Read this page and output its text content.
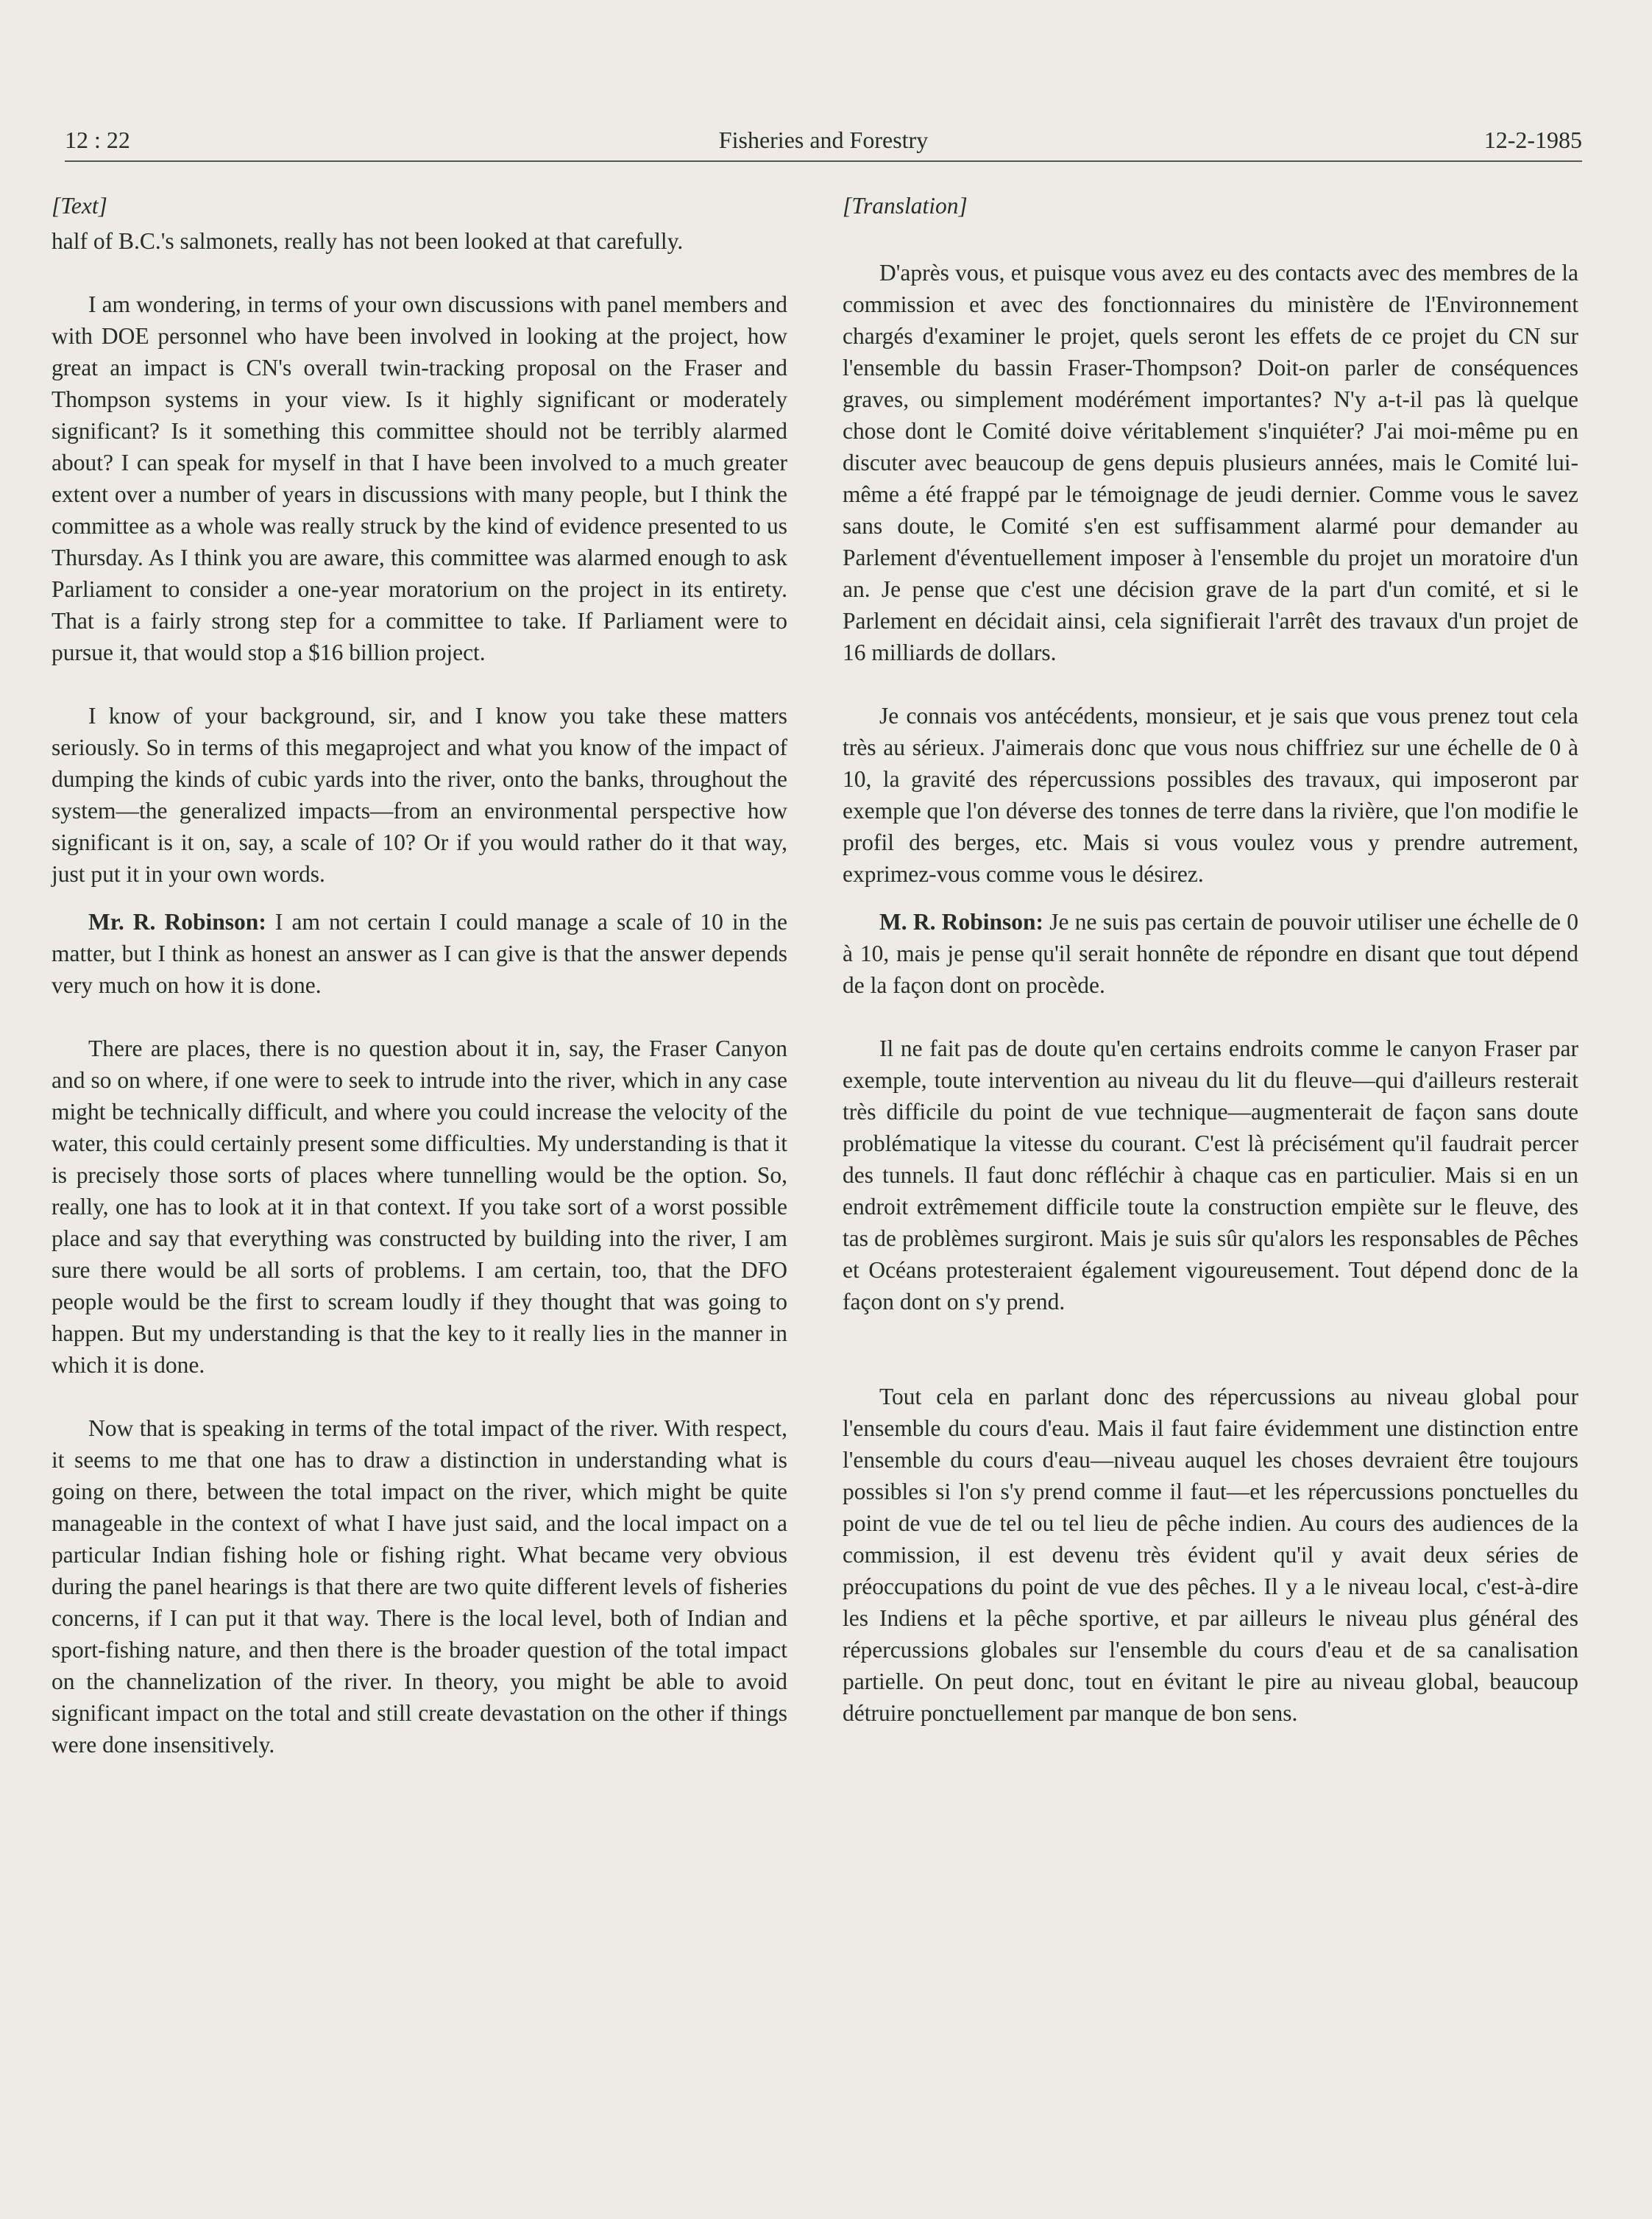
12 : 22	Fisheries and Forestry	12-2-1985
[Text]

half of B.C.'s salmonets, really has not been looked at that carefully.

I am wondering, in terms of your own discussions with panel members and with DOE personnel who have been involved in looking at the project, how great an impact is CN's overall twin-tracking proposal on the Fraser and Thompson systems in your view. Is it highly significant or moderately significant? Is it something this committee should not be terribly alarmed about? I can speak for myself in that I have been involved to a much greater extent over a number of years in discussions with many people, but I think the committee as a whole was really struck by the kind of evidence presented to us Thursday. As I think you are aware, this committee was alarmed enough to ask Parliament to consider a one-year moratorium on the project in its entirety. That is a fairly strong step for a committee to take. If Parliament were to pursue it, that would stop a $16 billion project.

I know of your background, sir, and I know you take these matters seriously. So in terms of this megaproject and what you know of the impact of dumping the kinds of cubic yards into the river, onto the banks, throughout the system—the generalized impacts—from an environmental perspective how significant is it on, say, a scale of 10? Or if you would rather do it that way, just put it in your own words.

Mr. R. Robinson: I am not certain I could manage a scale of 10 in the matter, but I think as honest an answer as I can give is that the answer depends very much on how it is done.

There are places, there is no question about it in, say, the Fraser Canyon and so on where, if one were to seek to intrude into the river, which in any case might be technically difficult, and where you could increase the velocity of the water, this could certainly present some difficulties. My understanding is that it is precisely those sorts of places where tunnelling would be the option. So, really, one has to look at it in that context. If you take sort of a worst possible place and say that everything was constructed by building into the river, I am sure there would be all sorts of problems. I am certain, too, that the DFO people would be the first to scream loudly if they thought that was going to happen. But my understanding is that the key to it really lies in the manner in which it is done.

Now that is speaking in terms of the total impact of the river. With respect, it seems to me that one has to draw a distinction in understanding what is going on there, between the total impact on the river, which might be quite manageable in the context of what I have just said, and the local impact on a particular Indian fishing hole or fishing right. What became very obvious during the panel hearings is that there are two quite different levels of fisheries concerns, if I can put it that way. There is the local level, both of Indian and sport-fishing nature, and then there is the broader question of the total impact on the channelization of the river. In theory, you might be able to avoid significant impact on the total and still create devastation on the other if things were done insensitively.

[Translation]

D'après vous, et puisque vous avez eu des contacts avec des membres de la commission et avec des fonctionnaires du ministère de l'Environnement chargés d'examiner le projet, quels seront les effets de ce projet du CN sur l'ensemble du bassin Fraser-Thompson? Doit-on parler de conséquences graves, ou simplement modérément importantes? N'y a-t-il pas là quelque chose dont le Comité doive véritablement s'inquiéter? J'ai moi-même pu en discuter avec beaucoup de gens depuis plusieurs années, mais le Comité lui-même a été frappé par le témoignage de jeudi dernier. Comme vous le savez sans doute, le Comité s'en est suffisamment alarmé pour demander au Parlement d'éventuellement imposer à l'ensemble du projet un moratoire d'un an. Je pense que c'est une décision grave de la part d'un comité, et si le Parlement en décidait ainsi, cela signifierait l'arrêt des travaux d'un projet de 16 milliards de dollars.

Je connais vos antécédents, monsieur, et je sais que vous prenez tout cela très au sérieux. J'aimerais donc que vous nous chiffriez sur une échelle de 0 à 10, la gravité des répercussions possibles des travaux, qui imposeront par exemple que l'on déverse des tonnes de terre dans la rivière, que l'on modifie le profil des berges, etc. Mais si vous voulez vous y prendre autrement, exprimez-vous comme vous le désirez.

M. R. Robinson: Je ne suis pas certain de pouvoir utiliser une échelle de 0 à 10, mais je pense qu'il serait honnête de répondre en disant que tout dépend de la façon dont on procède.

Il ne fait pas de doute qu'en certains endroits comme le canyon Fraser par exemple, toute intervention au niveau du lit du fleuve—qui d'ailleurs resterait très difficile du point de vue technique—augmenterait de façon sans doute problématique la vitesse du courant. C'est là précisément qu'il faudrait percer des tunnels. Il faut donc réfléchir à chaque cas en particulier. Mais si en un endroit extrêmement difficile toute la construction empiète sur le fleuve, des tas de problèmes surgiront. Mais je suis sûr qu'alors les responsables de Pêches et Océans protesteraient également vigoureusement. Tout dépend donc de la façon dont on s'y prend.

Tout cela en parlant donc des répercussions au niveau global pour l'ensemble du cours d'eau. Mais il faut faire évidemment une distinction entre l'ensemble du cours d'eau—niveau auquel les choses devraient être toujours possibles si l'on s'y prend comme il faut—et les répercussions ponctuelles du point de vue de tel ou tel lieu de pêche indien. Au cours des audiences de la commission, il est devenu très évident qu'il y avait deux séries de préoccupations du point de vue des pêches. Il y a le niveau local, c'est-à-dire les Indiens et la pêche sportive, et par ailleurs le niveau plus général des répercussions globales sur l'ensemble du cours d'eau et de sa canalisation partielle. On peut donc, tout en évitant le pire au niveau global, beaucoup détruire ponctuellement par manque de bon sens.
